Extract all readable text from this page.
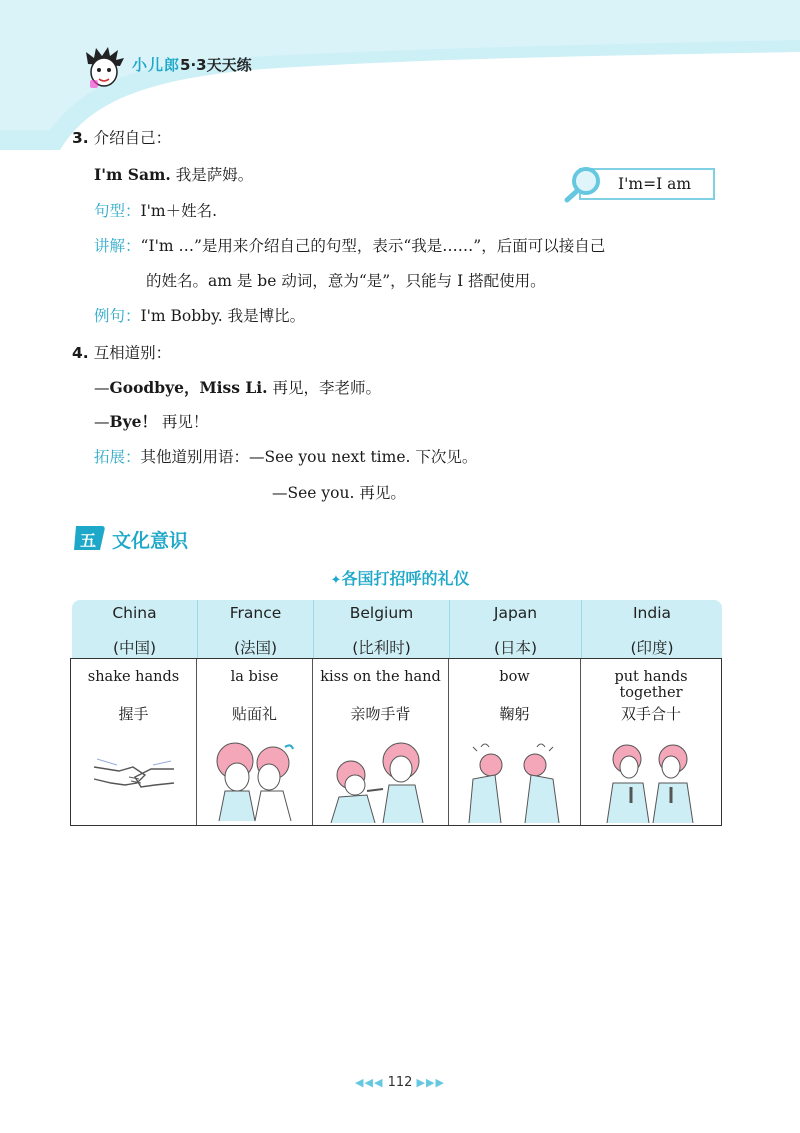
小儿郎5·3天天练
3. 介绍自己：
I'm Sam. 我是萨姆。	I'm=I am
句型：I'm＋姓名.
讲解：“I'm …”是用来介绍自己的句型，表示“我是……”，后面可以接自己
的姓名。am 是 be 动词，意为“是”，只能与 I 搭配使用。
例句：I'm Bobby. 我是博比。
4. 互相道别：
—Goodbye，Miss Li. 再见，李老师。
—Bye！ 再见！
拓展：其他道别用语：—See you next time. 下次见。
—See you. 再见。
五 文化意识
✦各国打招呼的礼仪
China
(中国)
France
(法国)
Belgium
(比利时)
Japan
(日本)
India
(印度)
shake hands
握手
la bise
贴面礼
kiss on the hand
亲吻手背
bow
鞠躬
put hands together
双手合十
◀◀◀ 112 ▶▶▶
